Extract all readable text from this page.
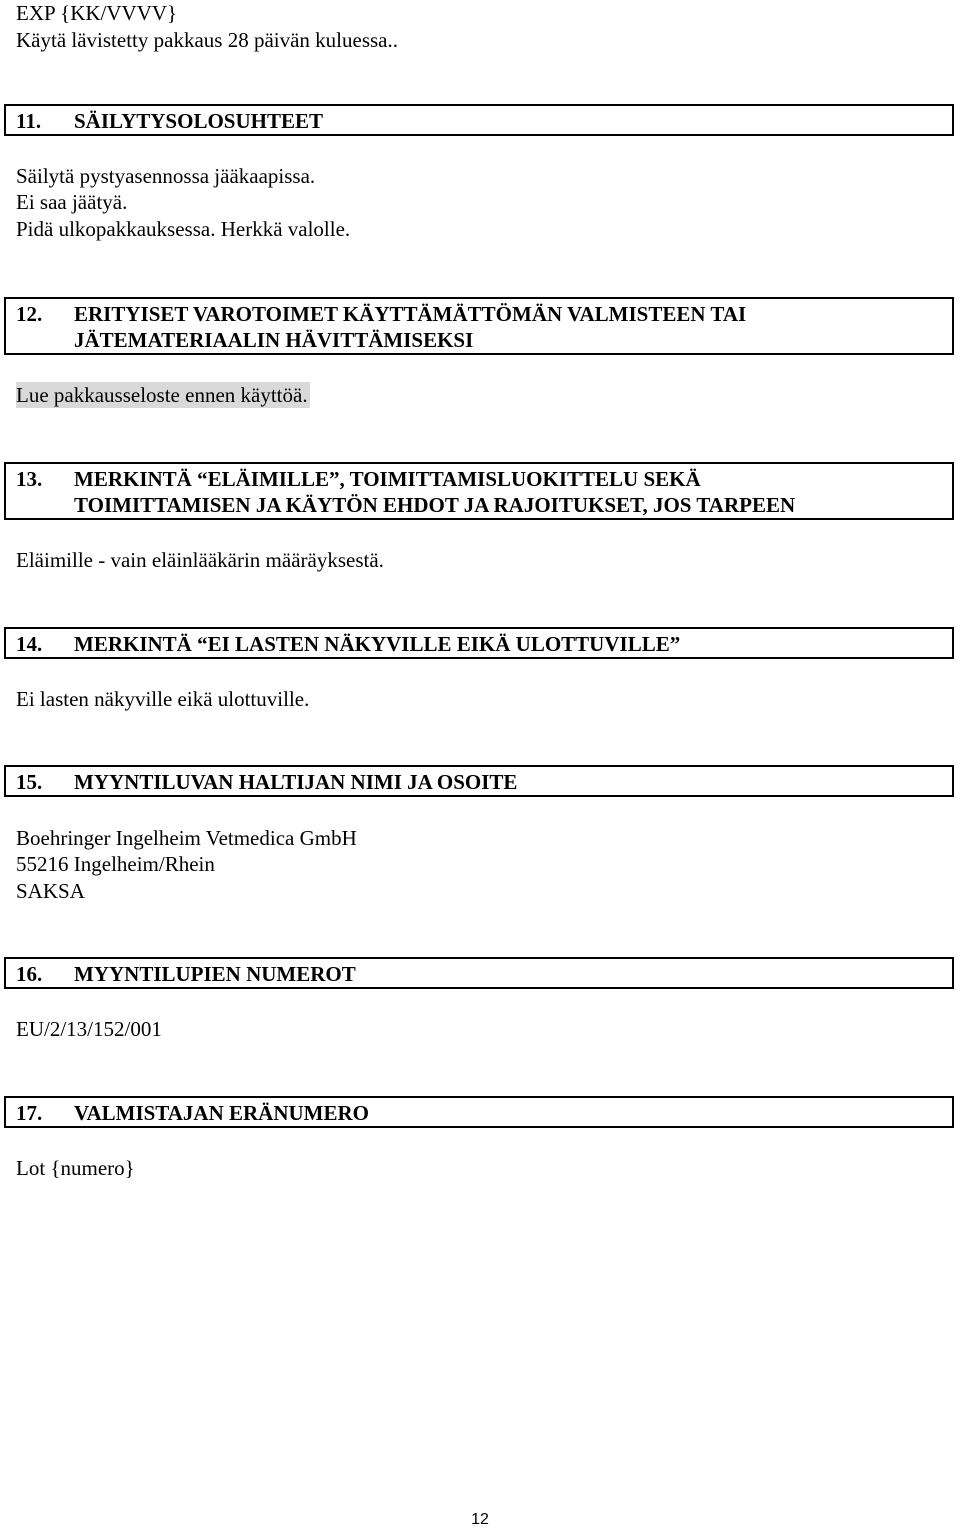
EXP {KK/VVVV}
Käytä lävistetty pakkaus 28 päivän kuluessa..
11. SÄILYTYSOLOSUHTEET
Säilytä pystyasennossa jääkaapissa.
Ei saa jäätyä.
Pidä ulkopakkauksessa. Herkkä valolle.
12. ERITYISET VAROTOIMET KÄYTTÄMÄTTÖMÄN VALMISTEEN TAI
JÄTEMATERIAALIN HÄVITTÄMISEKSI
Lue pakkausseloste ennen käyttöä.
13. MERKINTÄ “ELÄIMILLE”, TOIMITTAMISLUOKITTELU SEKÄ
TOIMITTAMISEN JA KÄYTÖN EHDOT JA RAJOITUKSET, JOS TARPEEN
Eläimille - vain eläinlääkärin määräyksestä.
14. MERKINTÄ “EI LASTEN NÄKYVILLE EIKÄ ULOTTUVILLE”
Ei lasten näkyville eikä ulottuville.
15. MYYNTILUVAN HALTIJAN NIMI JA OSOITE
Boehringer Ingelheim Vetmedica GmbH
55216 Ingelheim/Rhein
SAKSA
16. MYYNTILUPIEN NUMEROT
EU/2/13/152/001
17. VALMISTAJAN ERÄNUMERO
Lot {numero}
12
